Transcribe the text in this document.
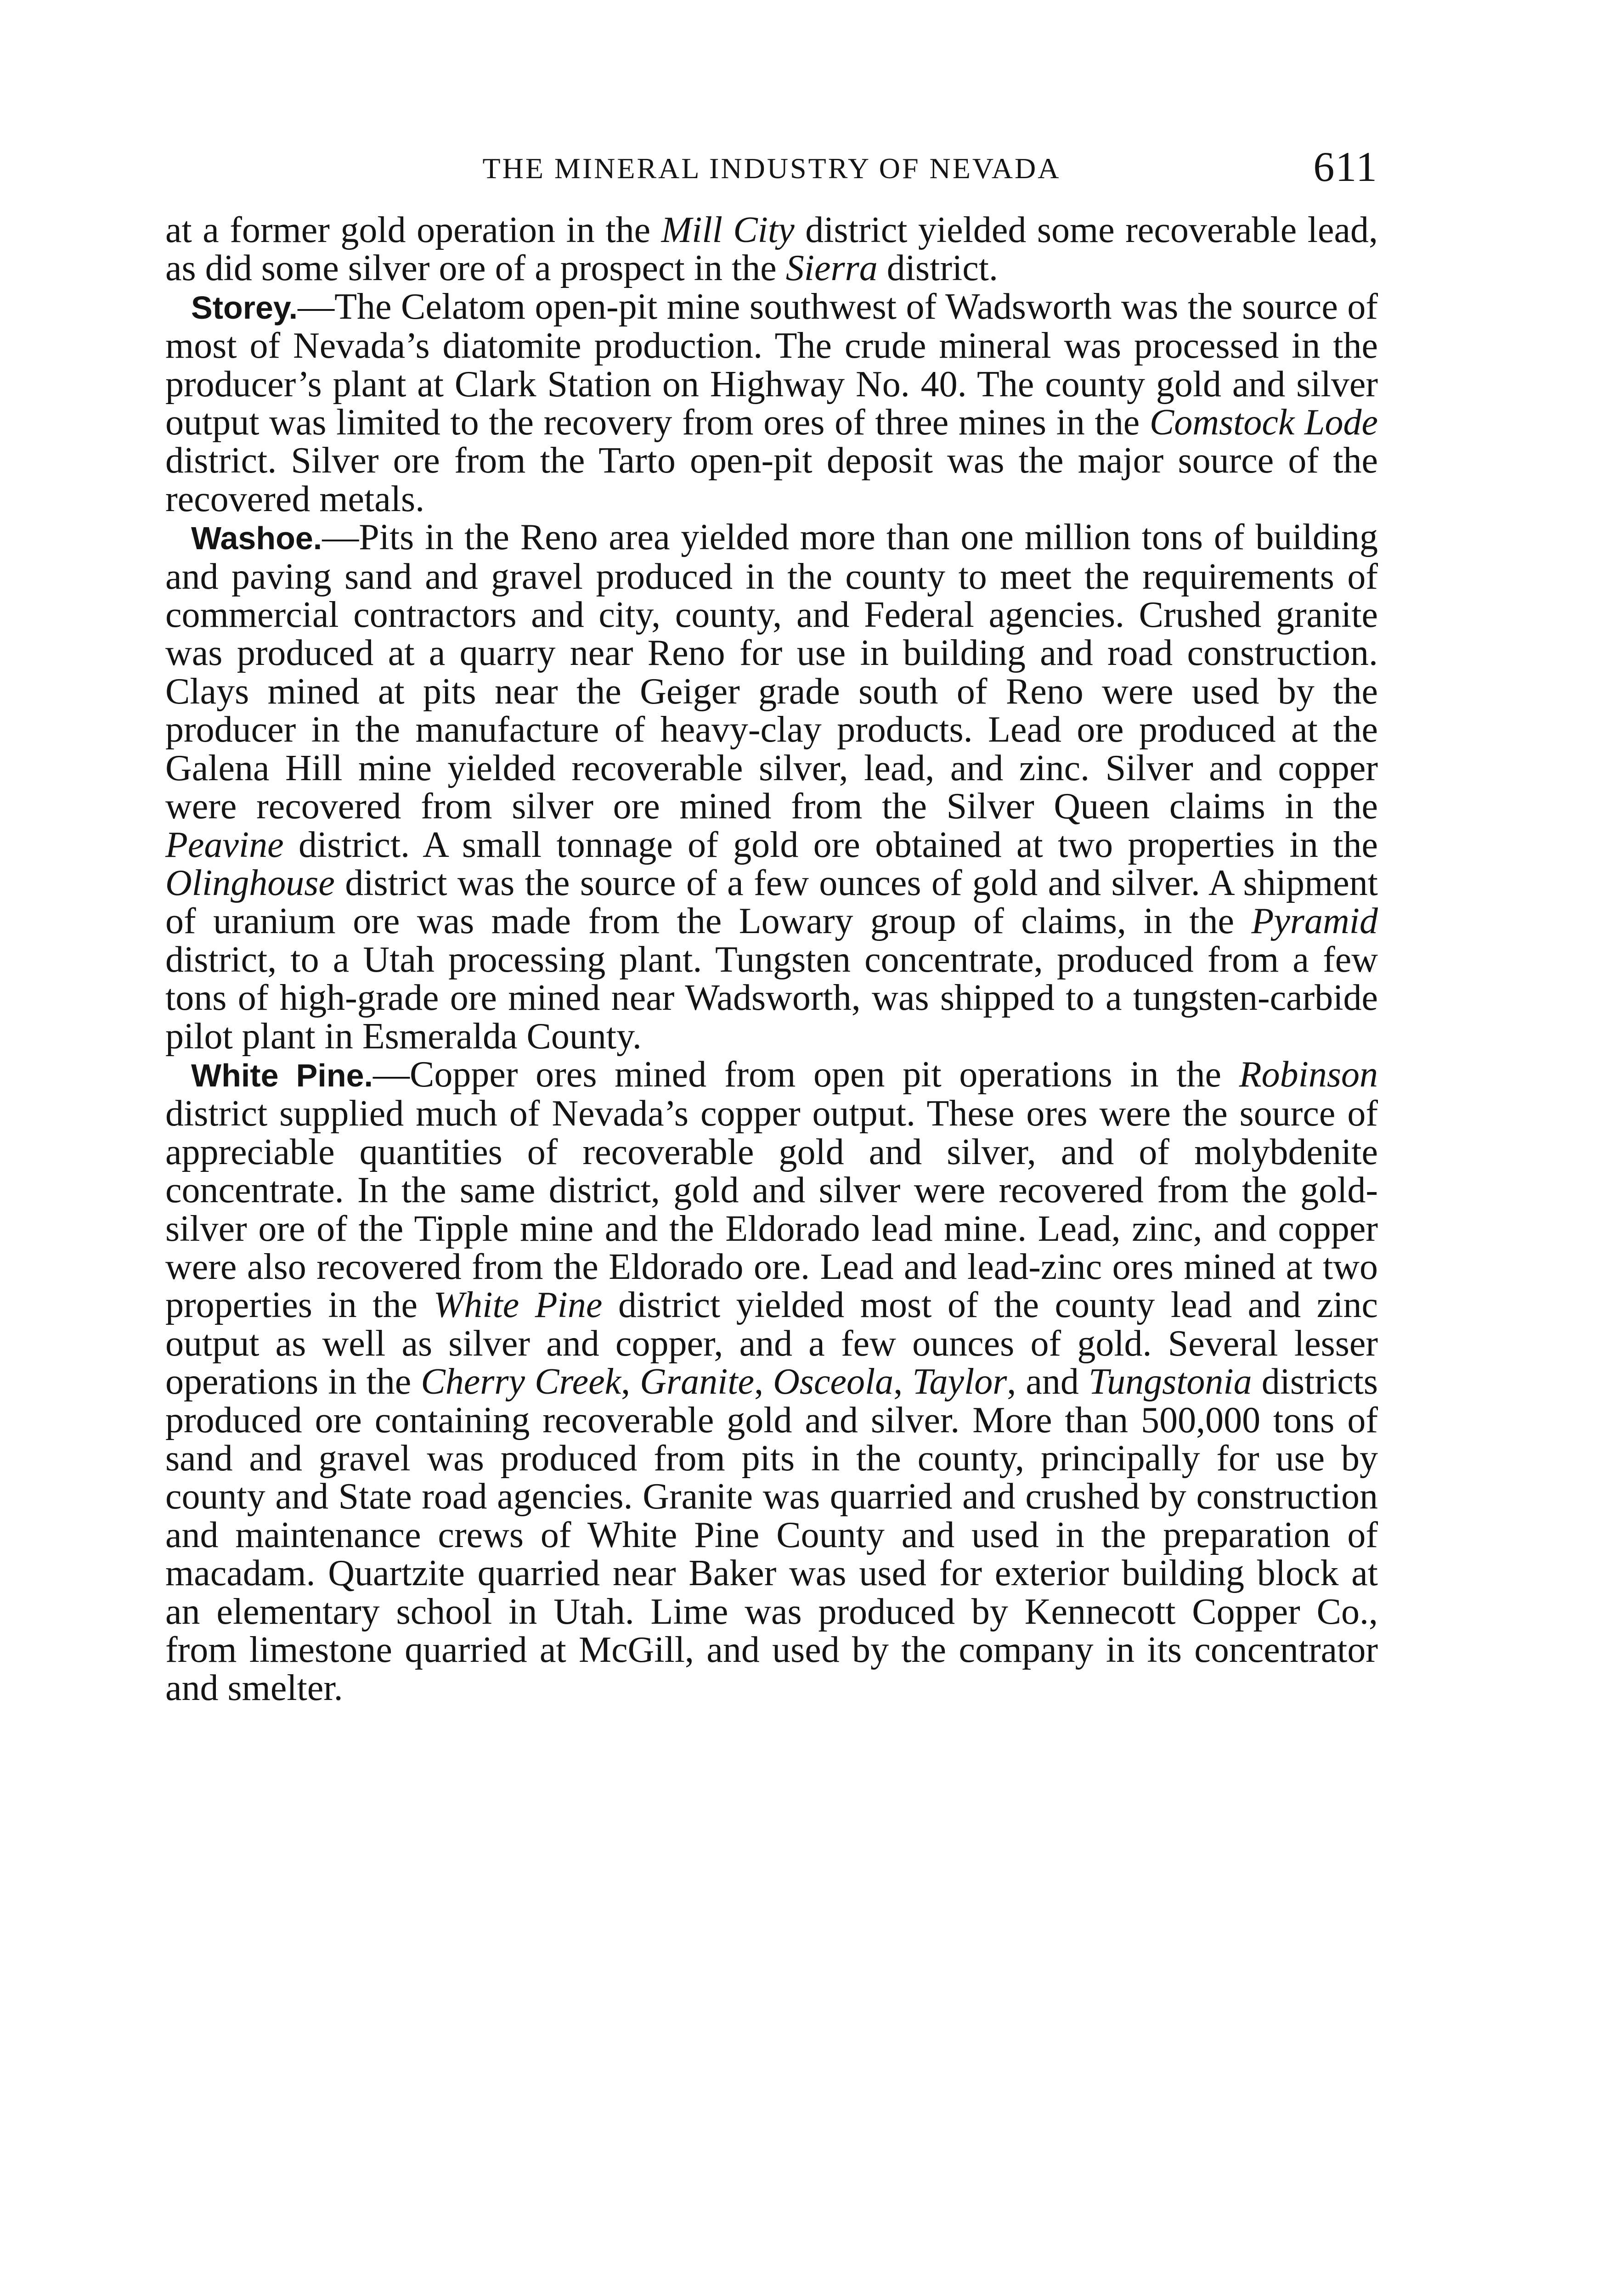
THE MINERAL INDUSTRY OF NEVADA	611

at a former gold operation in the Mill City district yielded some recoverable lead, as did some silver ore of a prospect in the Sierra district.

Storey.—The Celatom open-pit mine southwest of Wadsworth was the source of most of Nevada’s diatomite production. The crude mineral was processed in the producer’s plant at Clark Station on Highway No. 40. The county gold and silver output was limited to the recovery from ores of three mines in the Comstock Lode district. Silver ore from the Tarto open-pit deposit was the major source of the recovered metals.

Washoe.—Pits in the Reno area yielded more than one million tons of building and paving sand and gravel produced in the county to meet the requirements of commercial contractors and city, county, and Federal agencies. Crushed granite was produced at a quarry near Reno for use in building and road construction. Clays mined at pits near the Geiger grade south of Reno were used by the producer in the manufacture of heavy-clay products. Lead ore produced at the Galena Hill mine yielded recoverable silver, lead, and zinc. Silver and copper were recovered from silver ore mined from the Silver Queen claims in the Peavine district. A small tonnage of gold ore obtained at two properties in the Olinghouse district was the source of a few ounces of gold and silver. A shipment of uranium ore was made from the Lowary group of claims, in the Pyramid district, to a Utah processing plant. Tungsten concentrate, produced from a few tons of high-grade ore mined near Wadsworth, was shipped to a tungsten-carbide pilot plant in Esmeralda County.

White Pine.—Copper ores mined from open pit operations in the Robinson district supplied much of Nevada’s copper output. These ores were the source of appreciable quantities of recoverable gold and silver, and of molybdenite concentrate. In the same district, gold and silver were recovered from the gold-silver ore of the Tipple mine and the Eldorado lead mine. Lead, zinc, and copper were also recovered from the Eldorado ore. Lead and lead-zinc ores mined at two properties in the White Pine district yielded most of the county lead and zinc output as well as silver and copper, and a few ounces of gold. Several lesser operations in the Cherry Creek, Granite, Osceola, Taylor, and Tungstonia districts produced ore containing recoverable gold and silver. More than 500,000 tons of sand and gravel was produced from pits in the county, principally for use by county and State road agencies. Granite was quarried and crushed by construction and maintenance crews of White Pine County and used in the preparation of macadam. Quartzite quarried near Baker was used for exterior building block at an elementary school in Utah. Lime was produced by Kennecott Copper Co., from limestone quarried at McGill, and used by the company in its concentrator and smelter.
